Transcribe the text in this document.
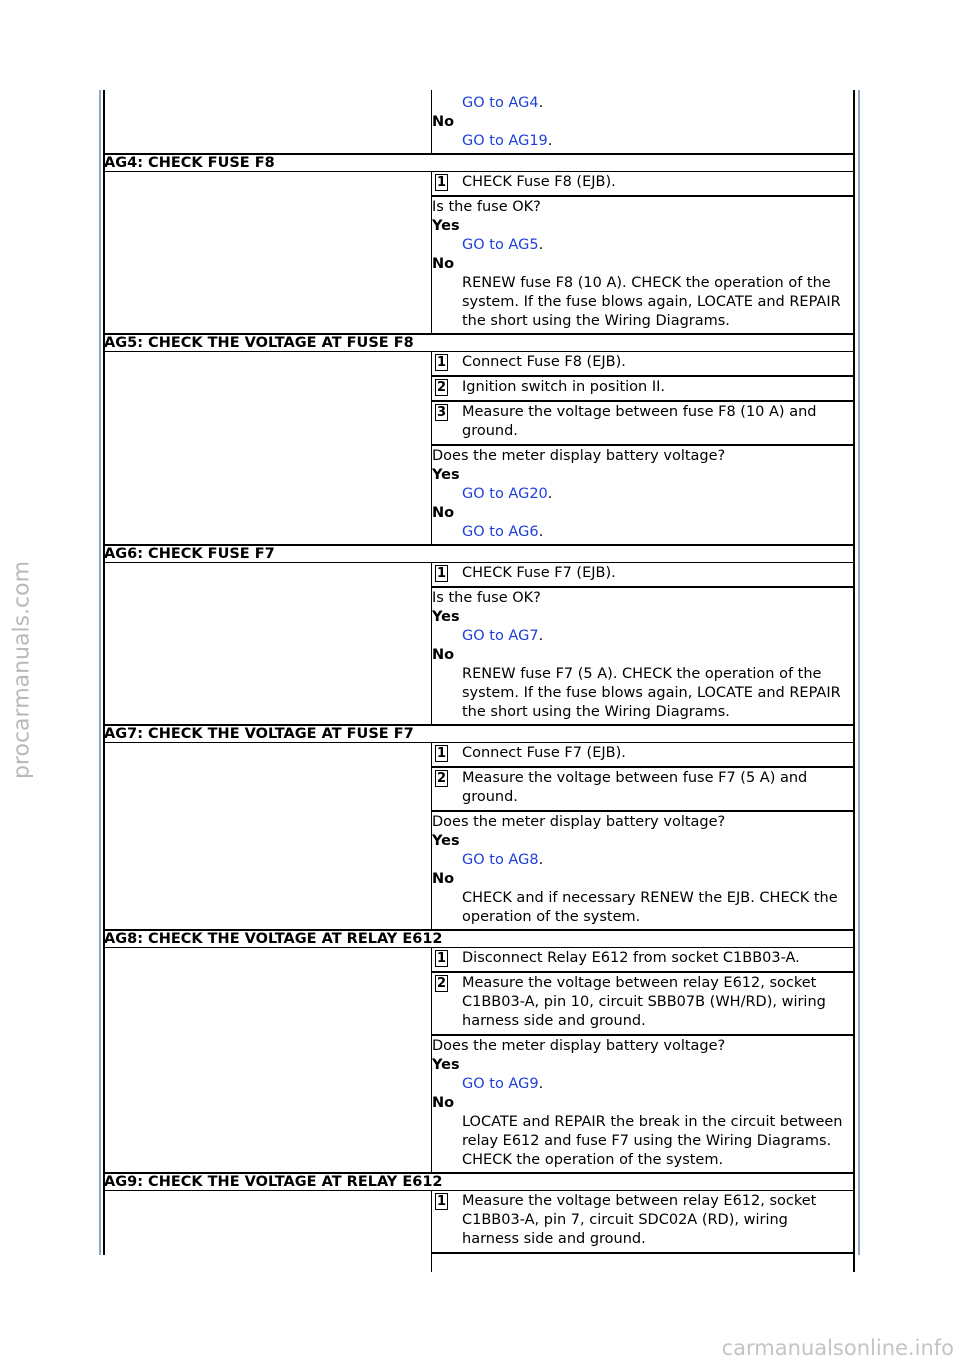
procarmanuals.com
GO to AG4.
No
GO to AG19.
AG4: CHECK FUSE F8
1 CHECK Fuse F8 (EJB).
Is the fuse OK?
Yes
GO to AG5.
No
RENEW fuse F8 (10 A). CHECK the operation of the system. If the fuse blows again, LOCATE and REPAIR the short using the Wiring Diagrams.
AG5: CHECK THE VOLTAGE AT FUSE F8
1 Connect Fuse F8 (EJB).
2 Ignition switch in position II.
3 Measure the voltage between fuse F8 (10 A) and ground.
Does the meter display battery voltage?
Yes
GO to AG20.
No
GO to AG6.
AG6: CHECK FUSE F7
1 CHECK Fuse F7 (EJB).
Is the fuse OK?
Yes
GO to AG7.
No
RENEW fuse F7 (5 A). CHECK the operation of the system. If the fuse blows again, LOCATE and REPAIR the short using the Wiring Diagrams.
AG7: CHECK THE VOLTAGE AT FUSE F7
1 Connect Fuse F7 (EJB).
2 Measure the voltage between fuse F7 (5 A) and ground.
Does the meter display battery voltage?
Yes
GO to AG8.
No
CHECK and if necessary RENEW the EJB. CHECK the operation of the system.
AG8: CHECK THE VOLTAGE AT RELAY E612
1 Disconnect Relay E612 from socket C1BB03-A.
2 Measure the voltage between relay E612, socket C1BB03-A, pin 10, circuit SBB07B (WH/RD), wiring harness side and ground.
Does the meter display battery voltage?
Yes
GO to AG9.
No
LOCATE and REPAIR the break in the circuit between relay E612 and fuse F7 using the Wiring Diagrams. CHECK the operation of the system.
AG9: CHECK THE VOLTAGE AT RELAY E612
1 Measure the voltage between relay E612, socket C1BB03-A, pin 7, circuit SDC02A (RD), wiring harness side and ground.
carmanualsonline.info
